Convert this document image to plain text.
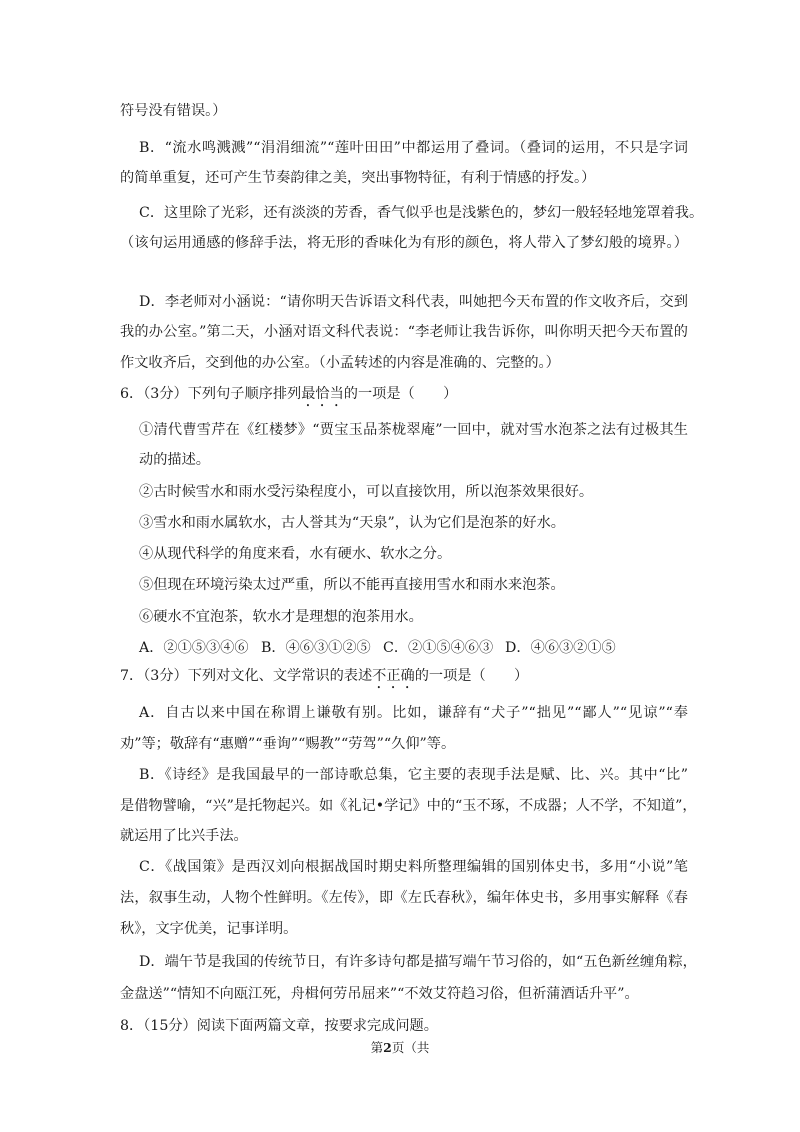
符号没有错误。）
B．“流水鸣溅溅”“涓涓细流”“莲叶田田”中都运用了叠词。（叠词的运用，不只是字词
的简单重复，还可产生节奏韵律之美，突出事物特征，有利于情感的抒发。）
C．这里除了光彩，还有淡淡的芳香，香气似乎也是浅紫色的，梦幻一般轻轻地笼罩着我。
（该句运用通感的修辞手法，将无形的香味化为有形的颜色，将人带入了梦幻般的境界。）
D．李老师对小涵说：“请你明天告诉语文科代表，叫她把今天布置的作文收齐后，交到
我的办公室。”第二天，小涵对语文科代表说：“李老师让我告诉你，叫你明天把今天布置的
作文收齐后，交到他的办公室。（小孟转述的内容是准确的、完整的。）
6．（3分）下列句子顺序排列最恰当的一项是（　　）
①清代曹雪芹在《红楼梦》“贾宝玉品茶栊翠庵”一回中，就对雪水泡茶之法有过极其生
动的描述。
②古时候雪水和雨水受污染程度小，可以直接饮用，所以泡茶效果很好。
③雪水和雨水属软水，古人誉其为“天泉”，认为它们是泡茶的好水。
④从现代科学的角度来看，水有硬水、软水之分。
⑤但现在环境污染太过严重，所以不能再直接用雪水和雨水来泡茶。
⑥硬水不宜泡茶，软水才是理想的泡茶用水。
A．②①⑤③④⑥ B．④⑥③①②⑤ C．②①⑤④⑥③ D．④⑥③②①⑤
7．（3分）下列对文化、文学常识的表述不正确的一项是（　　）
A．自古以来中国在称谓上谦敬有别。比如，谦辞有“犬子”“拙见”“鄙人”“见谅”“奉
劝”等；敬辞有“惠赠”“垂询”“赐教”“劳驾”“久仰”等。
B．《诗经》是我国最早的一部诗歌总集，它主要的表现手法是赋、比、兴。其中“比”
是借物譬喻，“兴”是托物起兴。如《礼记•学记》中的“玉不琢，不成器；人不学，不知道”，
就运用了比兴手法。
C．《战国策》是西汉刘向根据战国时期史料所整理编辑的国别体史书，多用“小说”笔
法，叙事生动，人物个性鲜明。《左传》，即《左氏春秋》，编年体史书，多用事实解释《春
秋》，文字优美，记事详明。
D．端午节是我国的传统节日，有许多诗句都是描写端午节习俗的，如“五色新丝缠角粽，
金盘送”“情知不向瓯江死，舟楫何劳吊屈来”“不效艾符趋习俗，但祈蒲酒话升平”。
8．（15分）阅读下面两篇文章，按要求完成问题。
第2页（共
